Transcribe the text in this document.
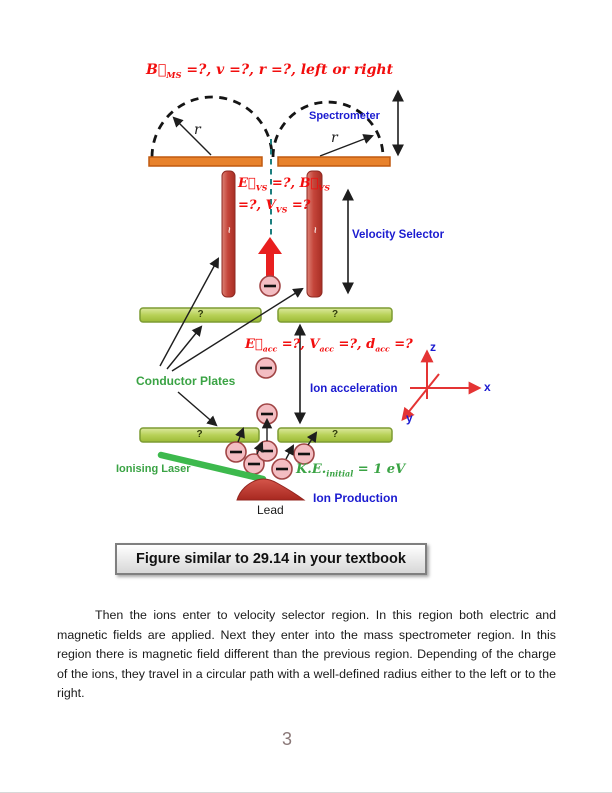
$B⃗_{MS}$ =?, v =?, r =?, left or right
$E⃗_{VS}$ =?, $B⃗_{VS}$
=?, $V_{VS}$ =?
$E⃗_{acc}$ =?, $V_{acc}$ =?, $d_{acc}$ =?
$K.E._{initial} = 1$ eV
r	r
Spectrometer
Velocity Selector
Ion acceleration
Ion Production
Conductor Plates
Ionising Laser
Lead
~	~
?	?
?	?
z
x
y
Figure similar to 29.14 in your textbook
Then the ions enter to velocity selector region. In this region both electric and magnetic fields are applied. Next they enter into the mass spectrometer region. In this region there is magnetic field different than the previous region. Depending of the charge of the ions, they travel in a circular path with a well-defined radius either to the left or to the right.
3
